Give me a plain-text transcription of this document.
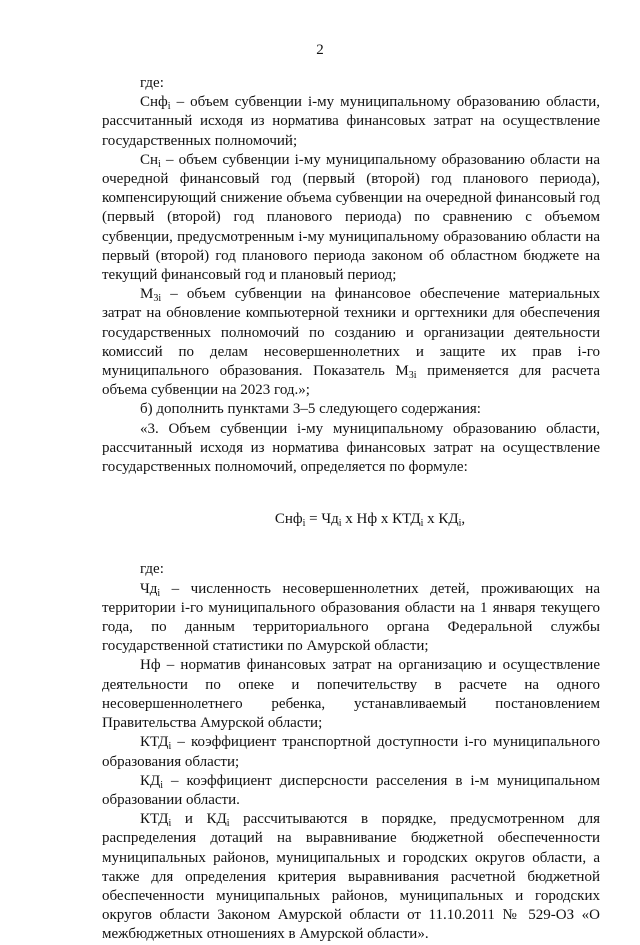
2

где:

Снф$_i$ – объем субвенции i-му муниципальному образованию области, рассчитанный исходя из норматива финансовых затрат на осуществление государственных полномочий;

$Сн_i$ – объем субвенции i-му муниципальному образованию области на очередной финансовый год (первый (второй) год планового периода), компенсирующий снижение объема субвенции на очередной финансовый год (первый (второй) год планового периода) по сравнению с объемом субвенции, предусмотренным i-му муниципальному образованию области на первый (второй) год планового периода законом об областном бюджете на текущий финансовый год и плановый период;

$М_{3i}$ – объем субвенции на финансовое обеспечение материальных затрат на обновление компьютерной техники и оргтехники для обеспечения государственных полномочий по созданию и организации деятельности комиссий по делам несовершеннолетних и защите их прав i-го муниципального образования. Показатель $М_{3i}$ применяется для расчета объема субвенции на 2023 год.»;

б) дополнить пунктами 3–5 следующего содержания:

«3. Объем субвенции i-му муниципальному образованию области, рассчитанный исходя из норматива финансовых затрат на осуществление государственных полномочий, определяется по формуле:

$Снф_i = Чд_i$ х Нф х $КТД_i$ х $КД_i$,

где:

$Чд_i$ – численность несовершеннолетних детей, проживающих на территории i-го муниципального образования области на 1 января текущего года, по данным территориального органа Федеральной службы государственной статистики по Амурской области;

Нф – норматив финансовых затрат на организацию и осуществление деятельности по опеке и попечительству в расчете на одного несовершеннолетнего ребенка, устанавливаемый постановлением Правительства Амурской области;

$КТД_i$ – коэффициент транспортной доступности i-го муниципального образования области;

$КД_i$ – коэффициент дисперсности расселения в i-м муниципальном образовании области.

$КТД_i$ и $КД_i$ рассчитываются в порядке, предусмотренном для распределения дотаций на выравнивание бюджетной обеспеченности муниципальных районов, муниципальных и городских округов области, а также для определения критерия выравнивания расчетной бюджетной обеспеченности муниципальных районов, муниципальных и городских округов области Законом Амурской области от 11.10.2011 № 529-ОЗ «О межбюджетных отношениях в Амурской области».
